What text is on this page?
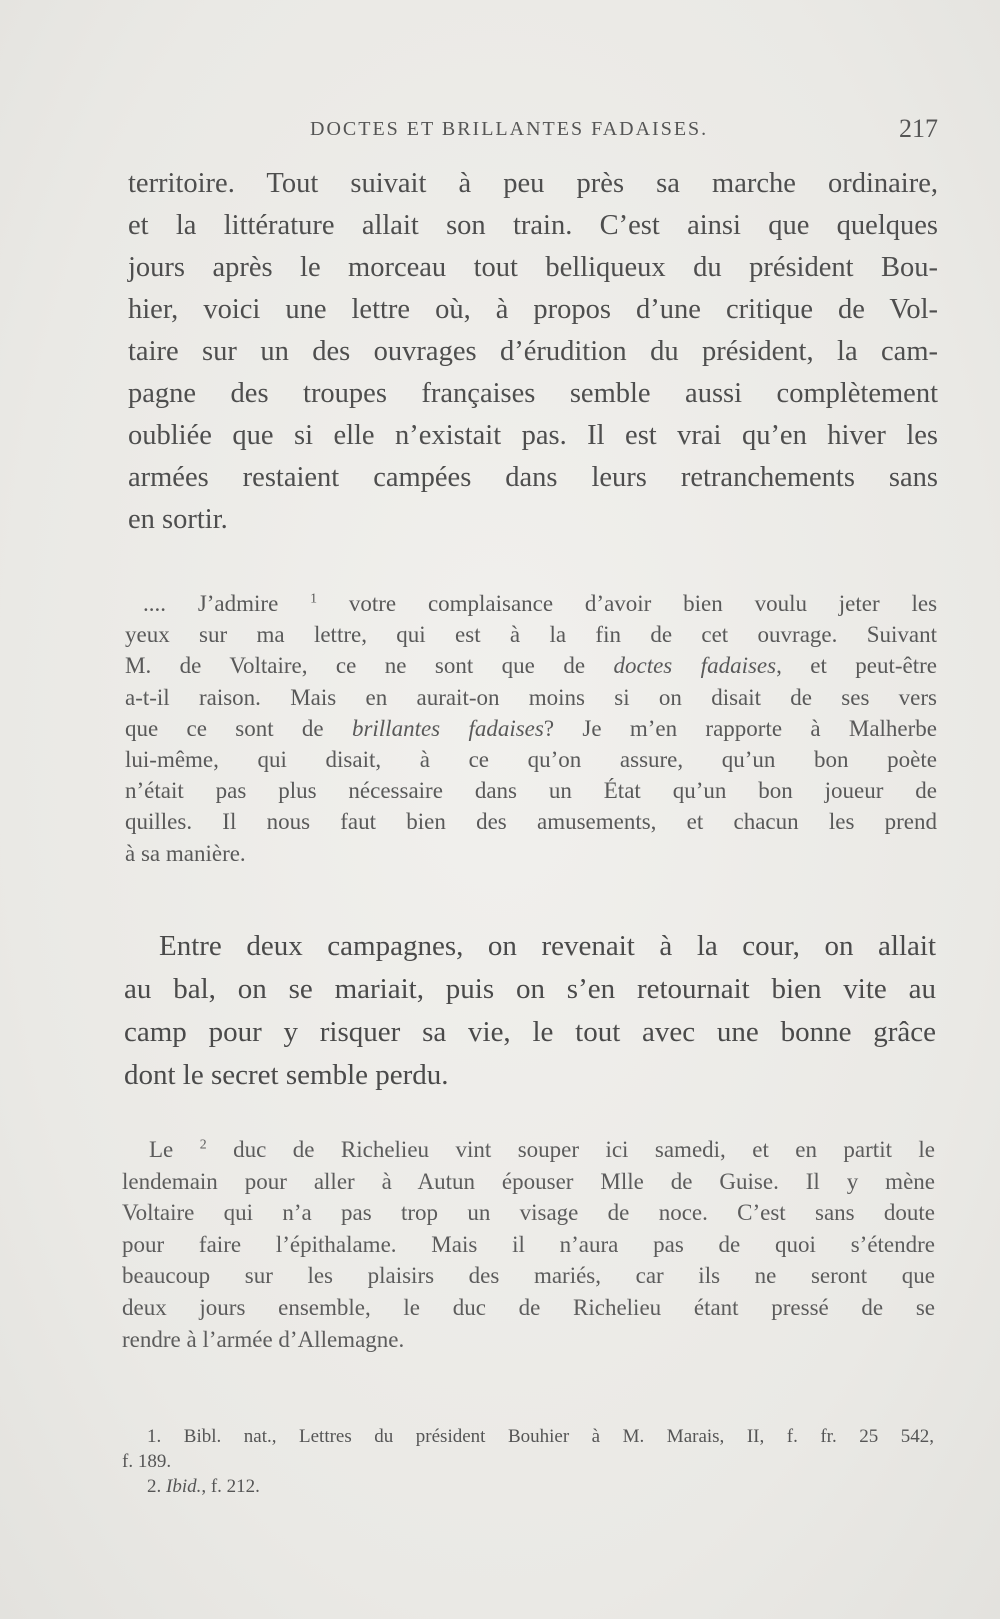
DOCTES ET BRILLANTES FADAISES.	217
territoire. Tout suivait à peu près sa marche ordinaire,
et la littérature allait son train. C’est ainsi que quelques
jours après le morceau tout belliqueux du président Bou-
hier, voici une lettre où, à propos d’une critique de Vol-
taire sur un des ouvrages d’érudition du président, la cam-
pagne des troupes françaises semble aussi complètement
oubliée que si elle n’existait pas. Il est vrai qu’en hiver les
armées restaient campées dans leurs retranchements sans
en sortir.
.... J’admire $^1$ votre complaisance d’avoir bien voulu jeter les
yeux sur ma lettre, qui est à la fin de cet ouvrage. Suivant
M. de Voltaire, ce ne sont que de doctes fadaises, et peut-être
a-t-il raison. Mais en aurait-on moins si on disait de ses vers
que ce sont de brillantes fadaises? Je m’en rapporte à Malherbe
lui-même, qui disait, à ce qu’on assure, qu’un bon poète
n’était pas plus nécessaire dans un État qu’un bon joueur de
quilles. Il nous faut bien des amusements, et chacun les prend
à sa manière.
Entre deux campagnes, on revenait à la cour, on allait
au bal, on se mariait, puis on s’en retournait bien vite au
camp pour y risquer sa vie, le tout avec une bonne grâce
dont le secret semble perdu.
Le $^2$ duc de Richelieu vint souper ici samedi, et en partit le
lendemain pour aller à Autun épouser Mlle de Guise. Il y mène
Voltaire qui n’a pas trop un visage de noce. C’est sans doute
pour faire l’épithalame. Mais il n’aura pas de quoi s’étendre
beaucoup sur les plaisirs des mariés, car ils ne seront que
deux jours ensemble, le duc de Richelieu étant pressé de se
rendre à l’armée d’Allemagne.
1. Bibl. nat., Lettres du président Bouhier à M. Marais, II, f. fr. 25 542,
f. 189.
2. Ibid., f. 212.
